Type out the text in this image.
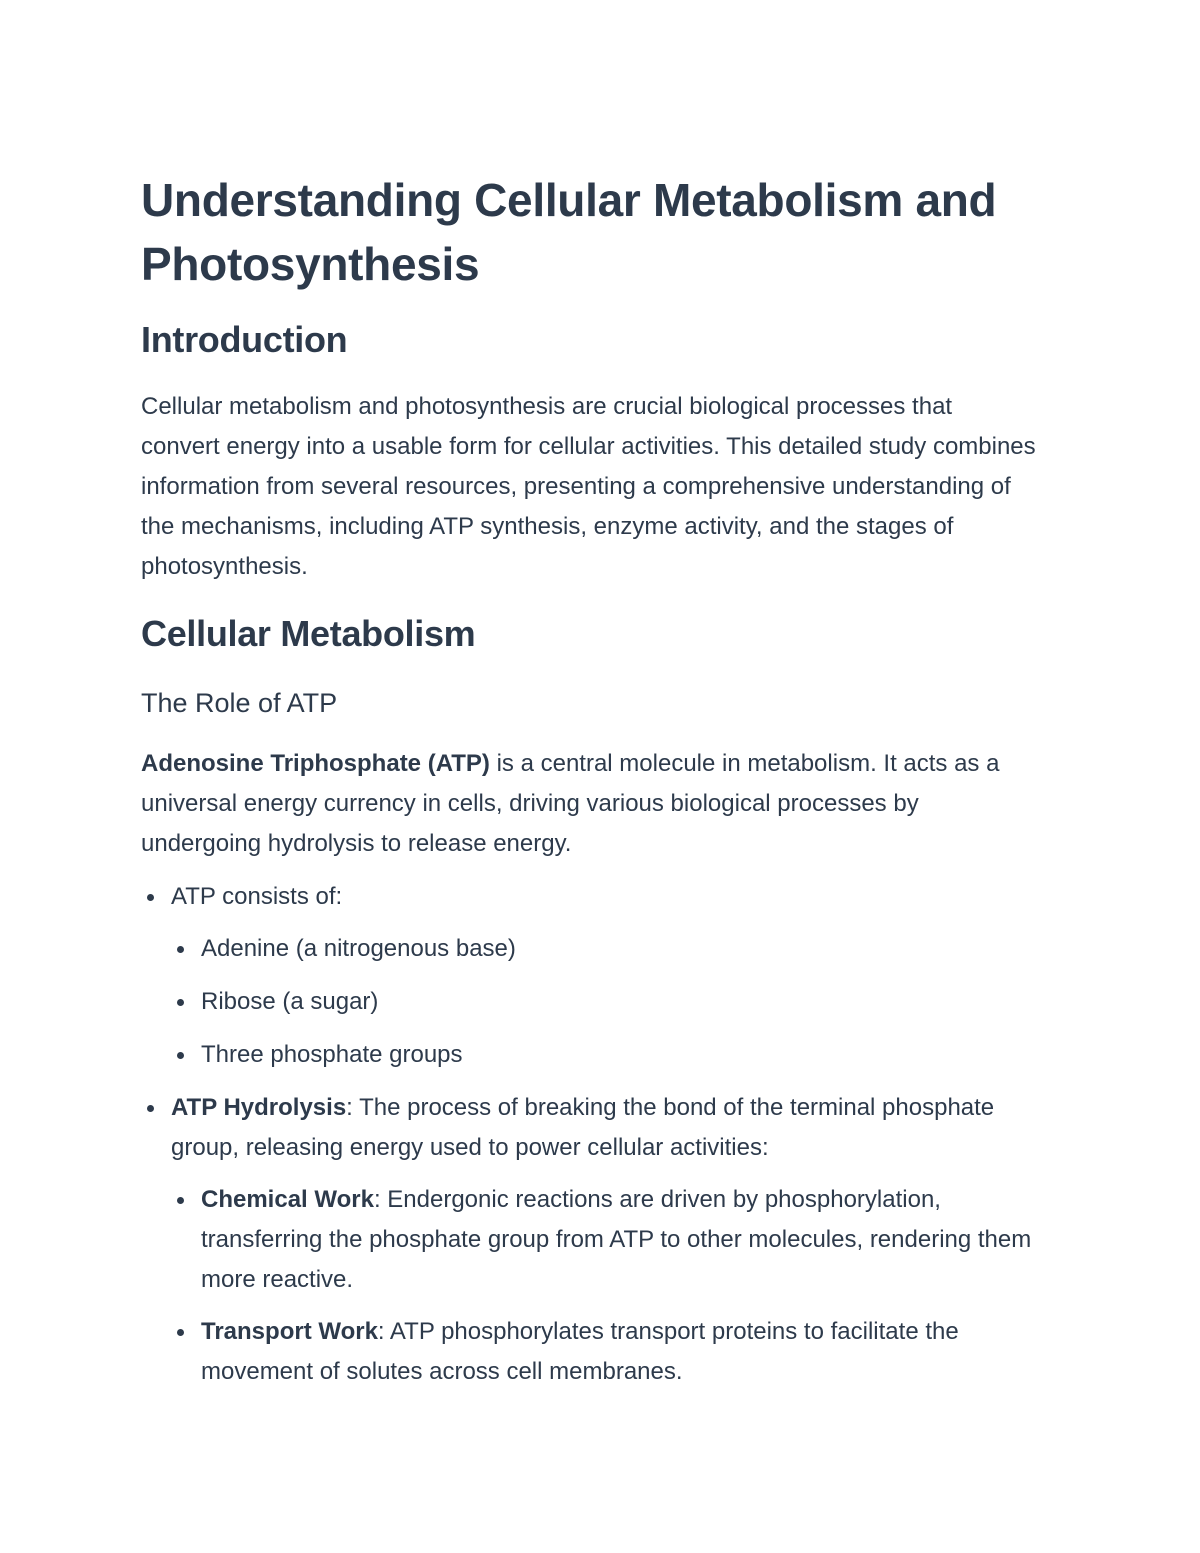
Understanding Cellular Metabolism and Photosynthesis
Introduction

Cellular metabolism and photosynthesis are crucial biological processes that convert energy into a usable form for cellular activities. This detailed study combines information from several resources, presenting a comprehensive understanding of the mechanisms, including ATP synthesis, enzyme activity, and the stages of photosynthesis.

Cellular Metabolism
The Role of ATP

Adenosine Triphosphate (ATP) is a central molecule in metabolism. It acts as a universal energy currency in cells, driving various biological processes by undergoing hydrolysis to release energy.

ATP consists of:
Adenine (a nitrogenous base)
Ribose (a sugar)
Three phosphate groups
ATP Hydrolysis: The process of breaking the bond of the terminal phosphate group, releasing energy used to power cellular activities:
Chemical Work: Endergonic reactions are driven by phosphorylation, transferring the phosphate group from ATP to other molecules, rendering them more reactive.
Transport Work: ATP phosphorylates transport proteins to facilitate the movement of solutes across cell membranes.
